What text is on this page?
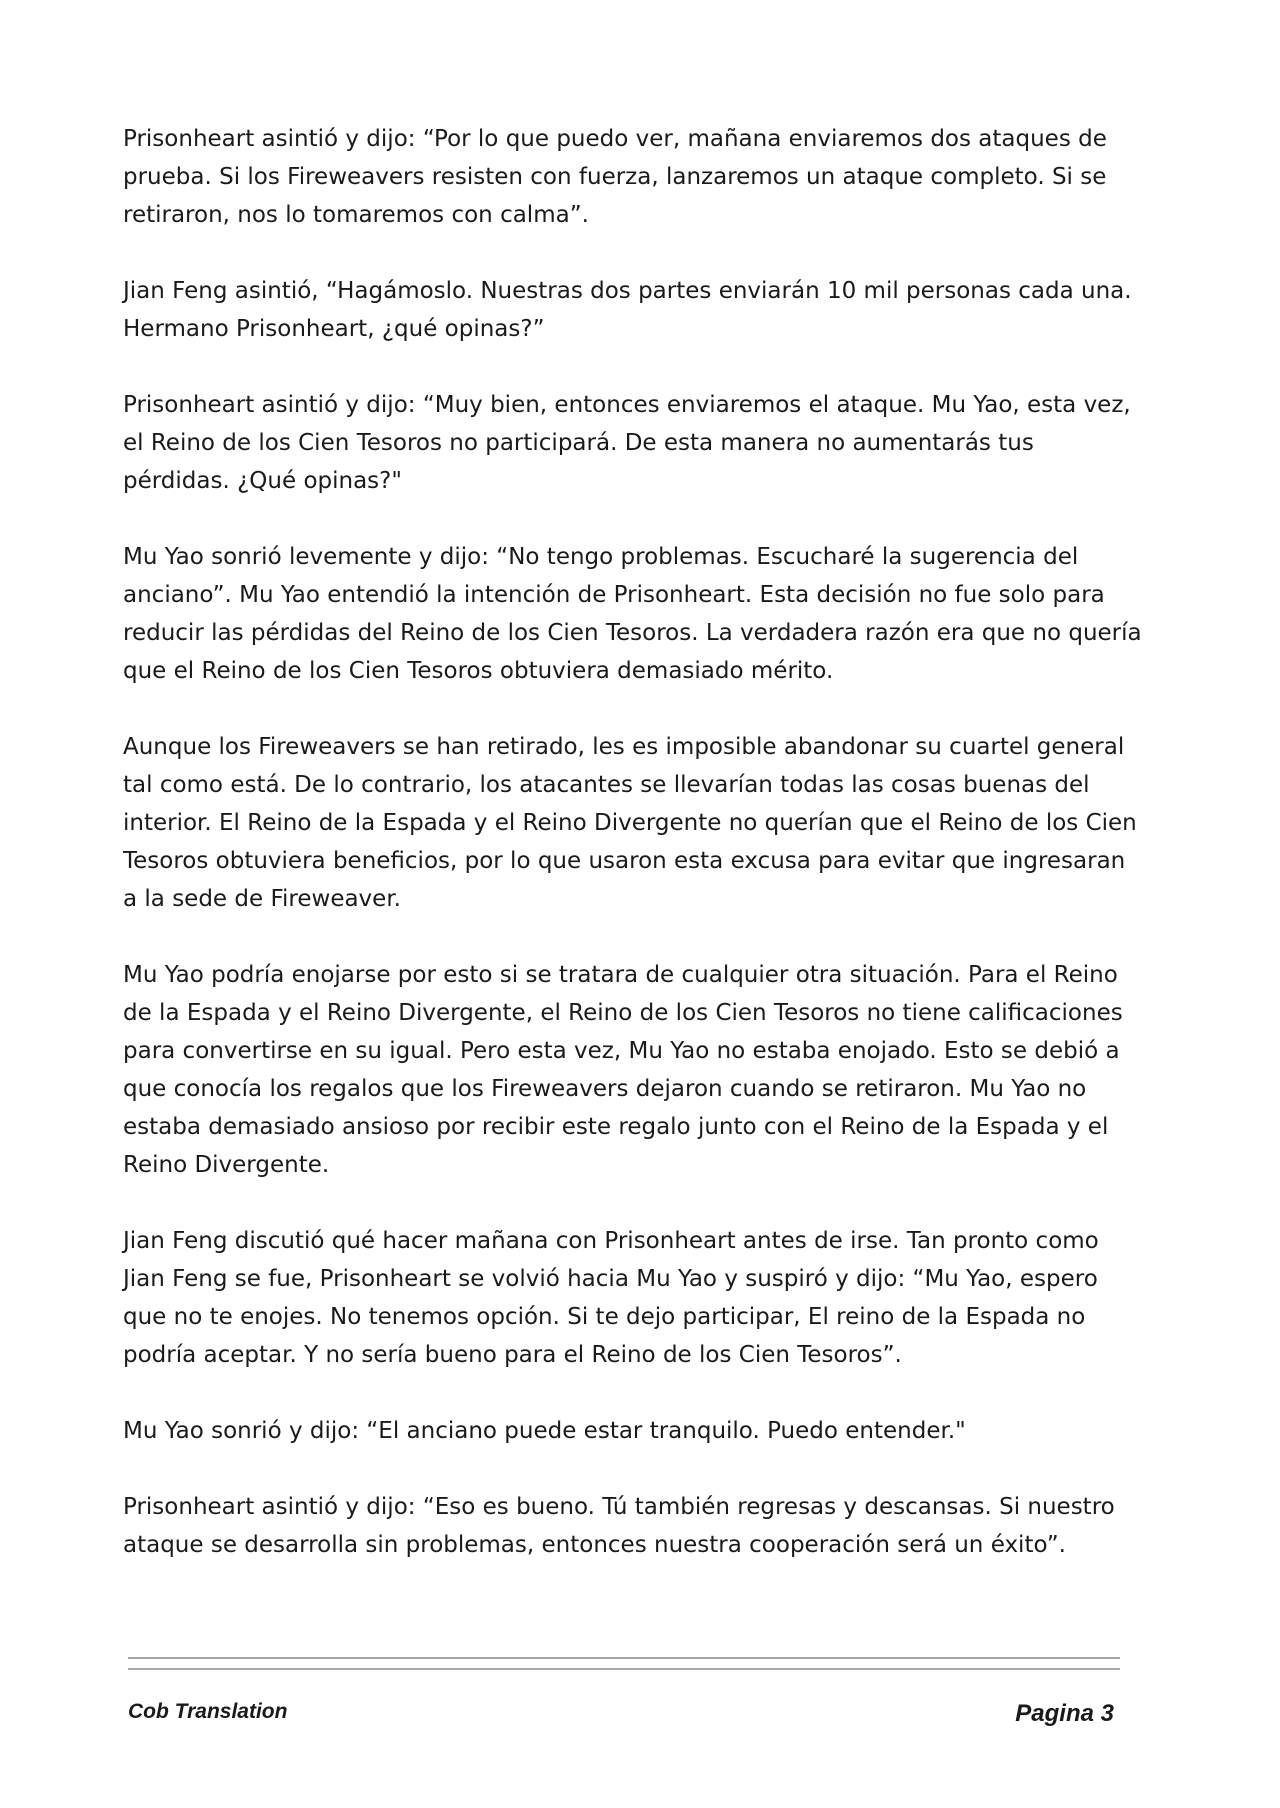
Prisonheart asintió y dijo: “Por lo que puedo ver, mañana enviaremos dos ataques de prueba. Si los Fireweavers resisten con fuerza, lanzaremos un ataque completo. Si se retiraron, nos lo tomaremos con calma”.

Jian Feng asintió, “Hagámoslo. Nuestras dos partes enviarán 10 mil personas cada una. Hermano Prisonheart, ¿qué opinas?”

Prisonheart asintió y dijo: “Muy bien, entonces enviaremos el ataque. Mu Yao, esta vez, el Reino de los Cien Tesoros no participará. De esta manera no aumentarás tus pérdidas. ¿Qué opinas?"

Mu Yao sonrió levemente y dijo: “No tengo problemas. Escucharé la sugerencia del anciano”. Mu Yao entendió la intención de Prisonheart. Esta decisión no fue solo para reducir las pérdidas del Reino de los Cien Tesoros. La verdadera razón era que no quería que el Reino de los Cien Tesoros obtuviera demasiado mérito.

Aunque los Fireweavers se han retirado, les es imposible abandonar su cuartel general tal como está. De lo contrario, los atacantes se llevarían todas las cosas buenas del interior. El Reino de la Espada y el Reino Divergente no querían que el Reino de los Cien Tesoros obtuviera beneficios, por lo que usaron esta excusa para evitar que ingresaran a la sede de Fireweaver.

Mu Yao podría enojarse por esto si se tratara de cualquier otra situación. Para el Reino de la Espada y el Reino Divergente, el Reino de los Cien Tesoros no tiene calificaciones para convertirse en su igual. Pero esta vez, Mu Yao no estaba enojado. Esto se debió a que conocía los regalos que los Fireweavers dejaron cuando se retiraron. Mu Yao no estaba demasiado ansioso por recibir este regalo junto con el Reino de la Espada y el Reino Divergente.

Jian Feng discutió qué hacer mañana con Prisonheart antes de irse. Tan pronto como Jian Feng se fue, Prisonheart se volvió hacia Mu Yao y suspiró y dijo: “Mu Yao, espero que no te enojes. No tenemos opción. Si te dejo participar, El reino de la Espada no podría aceptar. Y no sería bueno para el Reino de los Cien Tesoros”.

Mu Yao sonrió y dijo: “El anciano puede estar tranquilo. Puedo entender."

Prisonheart asintió y dijo: “Eso es bueno. Tú también regresas y descansas. Si nuestro ataque se desarrolla sin problemas, entonces nuestra cooperación será un éxito”.

Cob Translation	Pagina 3
